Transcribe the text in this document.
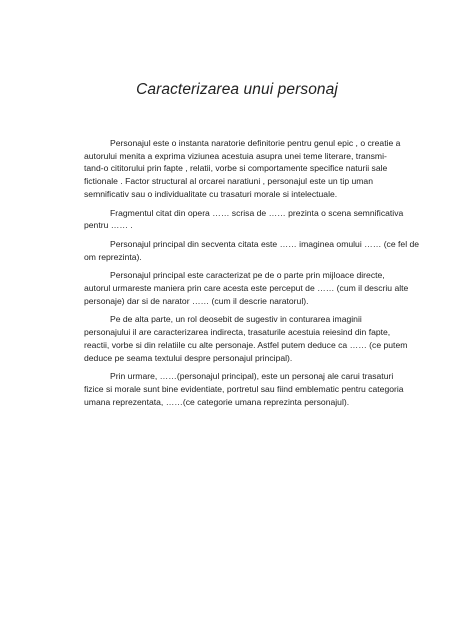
Caracterizarea unui personaj

Personajul este o instanta naratorie definitorie pentru genul epic , o creatie a
autorului menita a exprima viziunea acestuia asupra unei teme literare, transmi-
tand-o cititorului prin fapte , relatii, vorbe si comportamente specifice naturii sale
fictionale . Factor structural al orcarei naratiuni , personajul este un tip uman
semnificativ sau o individualitate cu trasaturi morale si intelectuale.

Fragmentul citat din opera …… scrisa de …… prezinta o scena semnificativa
pentru …… .

Personajul principal din secventa citata este …… imaginea omului …… (ce fel de
om reprezinta).

Personajul principal este caracterizat pe de o parte prin mijloace directe,
autorul urmareste maniera prin care acesta este perceput de …… (cum il descriu alte
personaje) dar si de narator …… (cum il descrie naratorul).

Pe de alta parte, un rol deosebit de sugestiv in conturarea imaginii
personajului il are caracterizarea indirecta, trasaturile acestuia reiesind din fapte,
reactii, vorbe si din relatiile cu alte personaje. Astfel putem deduce ca …… (ce putem
deduce pe seama textului despre personajul principal).

Prin urmare, ……(personajul principal), este un personaj ale carui trasaturi
fizice si morale sunt bine evidentiate, portretul sau fiind emblematic pentru categoria
umana reprezentata, ……(ce categorie umana reprezinta personajul).
